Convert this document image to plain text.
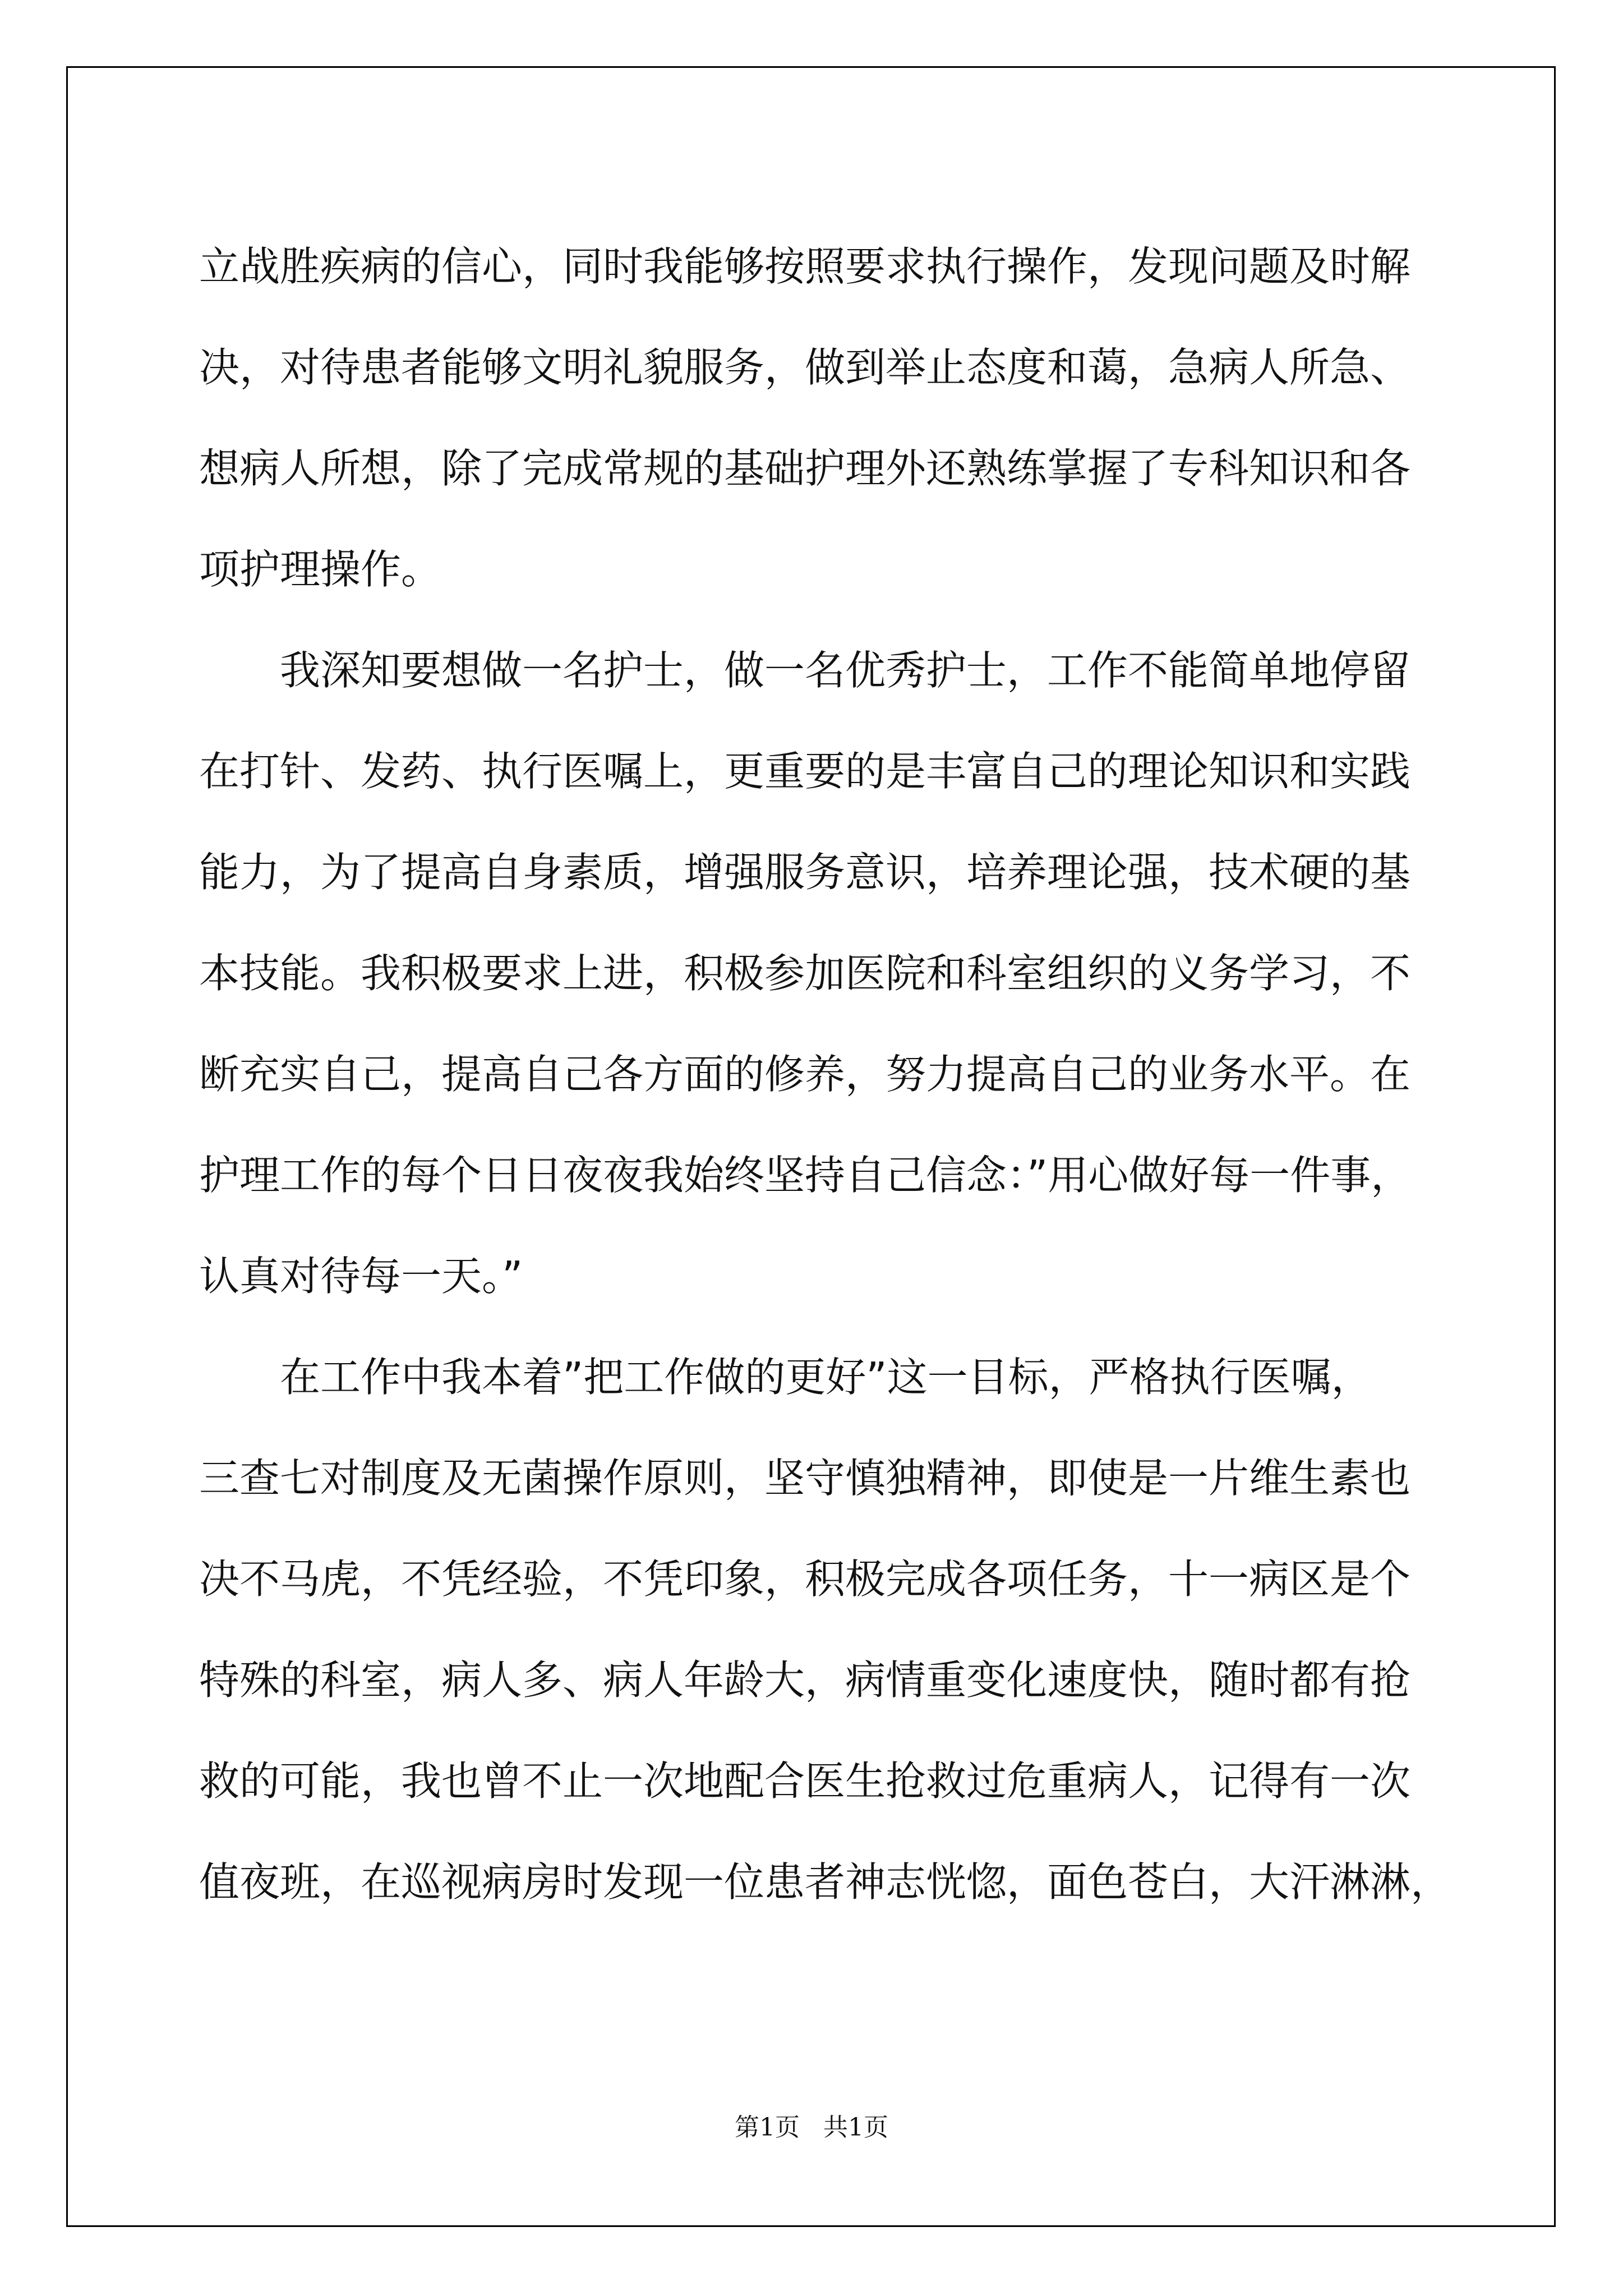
立战胜疾病的信心，同时我能够按照要求执行操作，发现问题及时解
决，对待患者能够文明礼貌服务，做到举止态度和蔼，急病人所急、
想病人所想，除了完成常规的基础护理外还熟练掌握了专科知识和各
项护理操作。
我深知要想做一名护士，做一名优秀护士，工作不能简单地停留
在打针、发药、执行医嘱上，更重要的是丰富自己的理论知识和实践
能力，为了提高自身素质，增强服务意识，培养理论强，技术硬的基
本技能。我积极要求上进，积极参加医院和科室组织的义务学习，不
断充实自己，提高自己各方面的修养，努力提高自己的业务水平。在
护理工作的每个日日夜夜我始终坚持自己信念：”用心做好每一件事，
认真对待每一天。”
在工作中我本着”把工作做的更好”这一目标，严格执行医嘱，
三查七对制度及无菌操作原则，坚守慎独精神，即使是一片维生素也
决不马虎，不凭经验，不凭印象，积极完成各项任务，十一病区是个
特殊的科室，病人多、病人年龄大，病情重变化速度快，随时都有抢
救的可能，我也曾不止一次地配合医生抢救过危重病人，记得有一次
值夜班，在巡视病房时发现一位患者神志恍惚，面色苍白，大汗淋淋，
第1页   共1页
